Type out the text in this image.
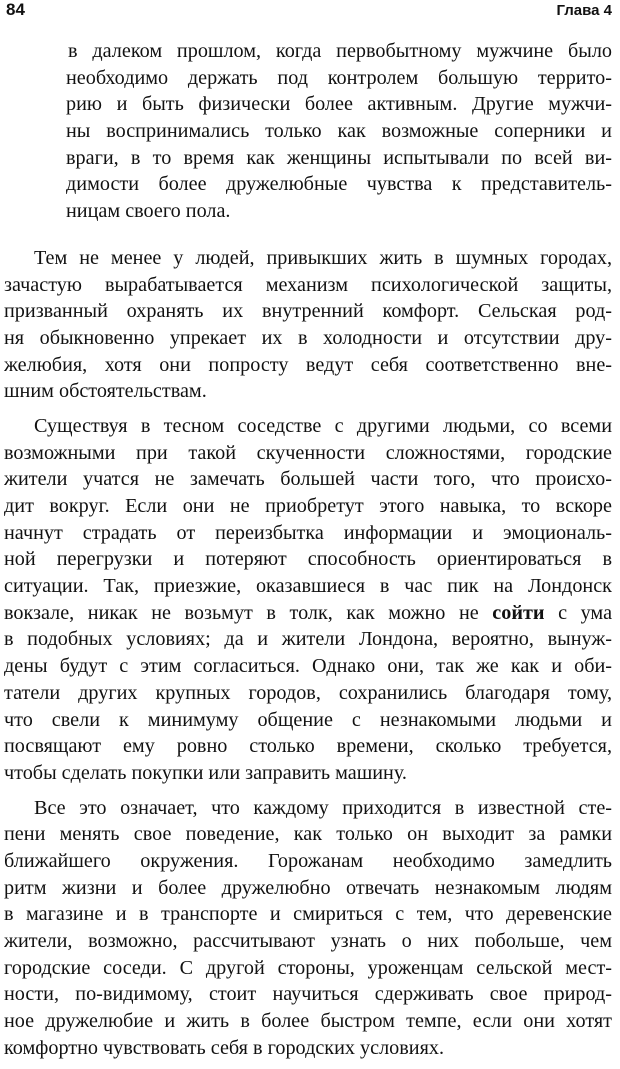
84	Глава 4
в далеком прошлом, когда первобытному мужчине было
необходимо держать под контролем большую террито-
рию и быть физически более активным. Другие мужчи-
ны воспринимались только как возможные соперники и
враги, в то время как женщины испытывали по всей ви-
димости более дружелюбные чувства к представитель-
ницам своего пола.
Тем не менее у людей, привыкших жить в шумных городах,
зачастую вырабатывается механизм психологической защиты,
призванный охранять их внутренний комфорт. Сельская род-
ня обыкновенно упрекает их в холодности и отсутствии дру-
желюбия, хотя они попросту ведут себя соответственно вне-
шним обстоятельствам.
Существуя в тесном соседстве с другими людьми, со всеми
возможными при такой скученности сложностями, городские
жители учатся не замечать большей части того, что происхо-
дит вокруг. Если они не приобретут этого навыка, то вскоре
начнут страдать от переизбытка информации и эмоциональ-
ной перегрузки и потеряют способность ориентироваться в
ситуации. Так, приезжие, оказавшиеся в час пик на Лондонск
вокзале, никак не возьмут в толк, как можно не сойти с ума
в подобных условиях; да и жители Лондона, вероятно, вынуж-
дены будут с этим согласиться. Однако они, так же как и оби-
татели других крупных городов, сохранились благодаря тому,
что свели к минимуму общение с незнакомыми людьми и
посвящают ему ровно столько времени, сколько требуется,
чтобы сделать покупки или заправить машину.
Все это означает, что каждому приходится в известной сте-
пени менять свое поведение, как только он выходит за рамки
ближайшего окружения. Горожанам необходимо замедлить
ритм жизни и более дружелюбно отвечать незнакомым людям
в магазине и в транспорте и смириться с тем, что деревенские
жители, возможно, рассчитывают узнать о них побольше, чем
городские соседи. С другой стороны, уроженцам сельской мест-
ности, по-видимому, стоит научиться сдерживать свое природ-
ное дружелюбие и жить в более быстром темпе, если они хотят
комфортно чувствовать себя в городских условиях.
